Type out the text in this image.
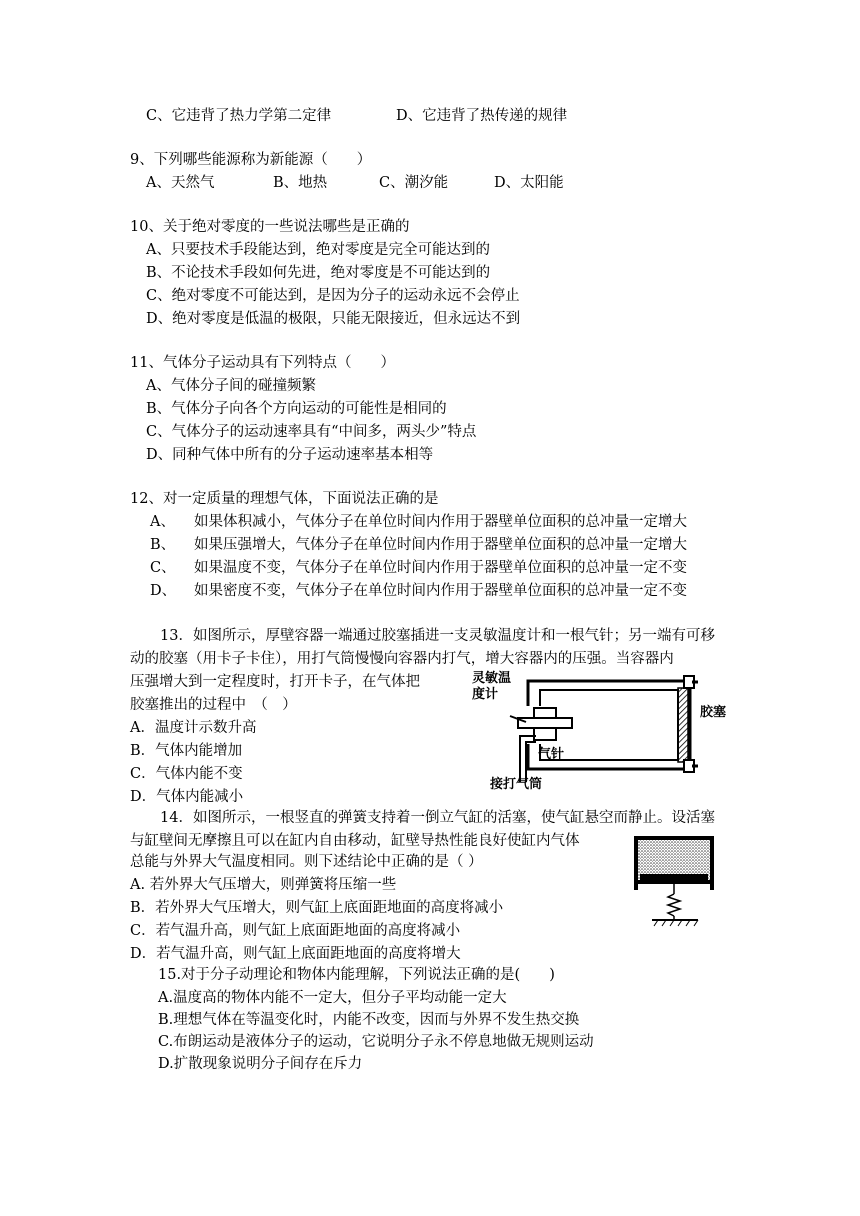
C、它违背了热力学第二定律	D、它违背了热传递的规律
9、下列哪些能源称为新能源（　　）
A、天然气	B、地热	C、潮汐能	D、太阳能
10、关于绝对零度的一些说法哪些是正确的
A、只要技术手段能达到，绝对零度是完全可能达到的
B、不论技术手段如何先进，绝对零度是不可能达到的
C、绝对零度不可能达到，是因为分子的运动永远不会停止
D、绝对零度是低温的极限，只能无限接近，但永远达不到
11、气体分子运动具有下列特点（　　）
A、气体分子间的碰撞频繁
B、气体分子向各个方向运动的可能性是相同的
C、气体分子的运动速率具有“中间多，两头少”特点
D、同种气体中所有的分子运动速率基本相等
12、对一定质量的理想气体，下面说法正确的是
A、 如果体积减小，气体分子在单位时间内作用于器壁单位面积的总冲量一定增大
B、 如果压强增大，气体分子在单位时间内作用于器壁单位面积的总冲量一定增大
C、 如果温度不变，气体分子在单位时间内作用于器壁单位面积的总冲量一定不变
D、 如果密度不变，气体分子在单位时间内作用于器壁单位面积的总冲量一定不变
13．如图所示，厚壁容器一端通过胶塞插进一支灵敏温度计和一根气针；另一端有可移
动的胶塞（用卡子卡住），用打气筒慢慢向容器内打气，增大容器内的压强。当容器内
压强增大到一定程度时，打开卡子，在气体把
胶塞推出的过程中　（　）
A．温度计示数升高
B．气体内能增加
C．气体内能不变
D．气体内能减小
灵敏温
度计
胶塞
气针
接打气筒
14．如图所示，一根竖直的弹簧支持着一倒立气缸的活塞，使气缸悬空而静止。设活塞
与缸壁间无摩擦且可以在缸内自由移动，缸壁导热性能良好使缸内气体
总能与外界大气温度相同。则下述结论中正确的是（ ）
A. 若外界大气压增大，则弹簧将压缩一些
B．若外界大气压增大，则气缸上底面距地面的高度将减小
C．若气温升高，则气缸上底面距地面的高度将减小
D．若气温升高，则气缸上底面距地面的高度将增大
15.对于分子动理论和物体内能理解，下列说法正确的是(　　)
A.温度高的物体内能不一定大，但分子平均动能一定大
B.理想气体在等温变化时，内能不改变，因而与外界不发生热交换
C.布朗运动是液体分子的运动，它说明分子永不停息地做无规则运动
D.扩散现象说明分子间存在斥力
